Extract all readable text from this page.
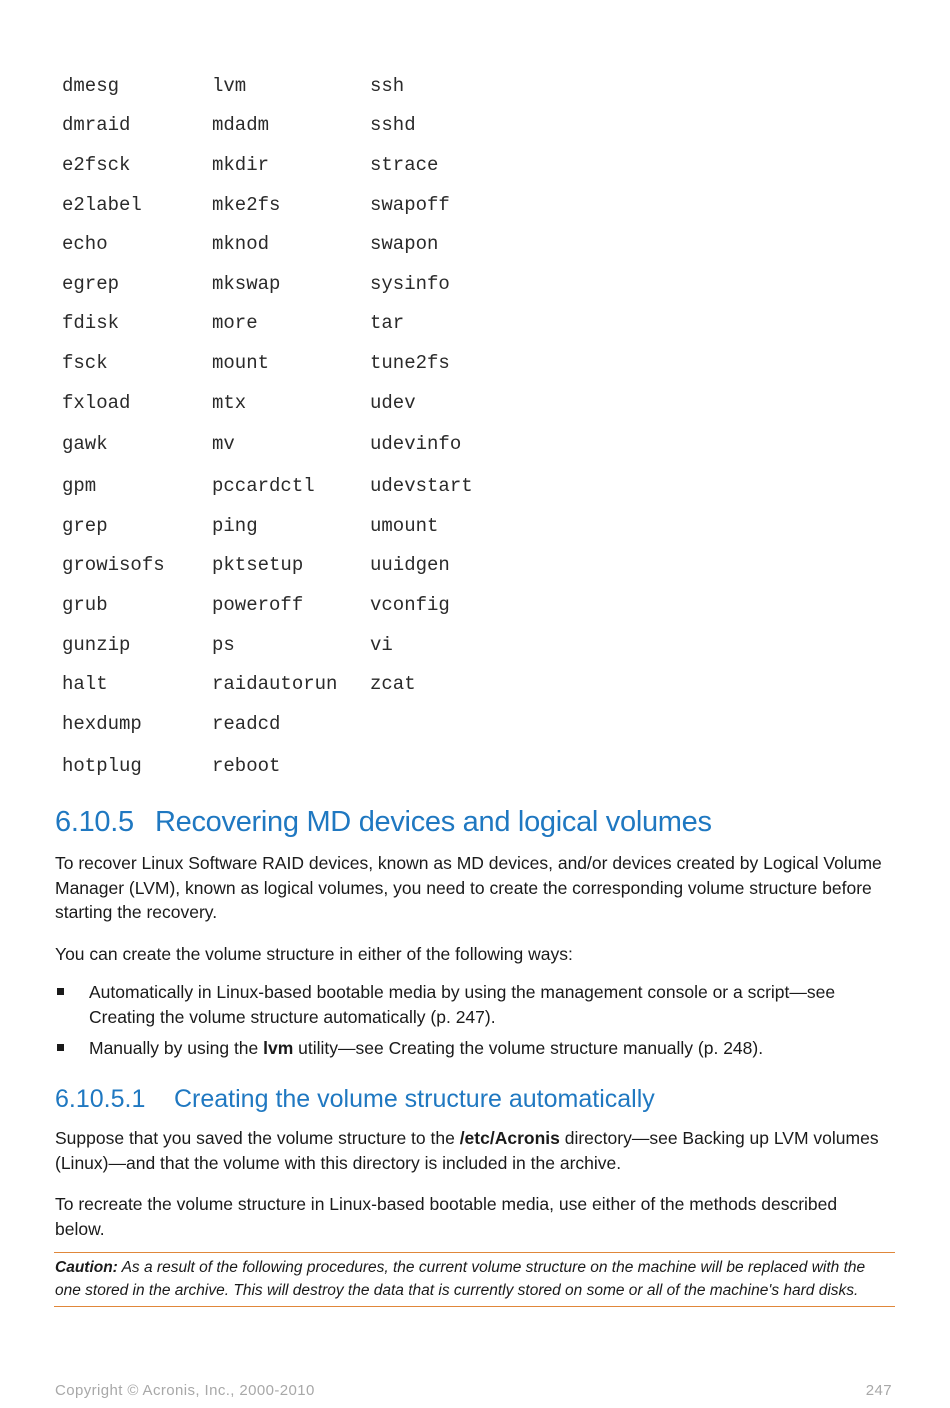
dmesg	lvm	ssh
dmraid	mdadm	sshd
e2fsck	mkdir	strace
e2label	mke2fs	swapoff
echo	mknod	swapon
egrep	mkswap	sysinfo
fdisk	more	tar
fsck	mount	tune2fs
fxload	mtx	udev
gawk	mv	udevinfo
gpm	pccardctl	udevstart
grep	ping	umount
growisofs	pktsetup	uuidgen
grub	poweroff	vconfig
gunzip	ps	vi
halt	raidautorun	zcat
hexdump	readcd
hotplug	reboot
6.10.5 Recovering MD devices and logical volumes

To recover Linux Software RAID devices, known as MD devices, and/or devices created by Logical Volume Manager (LVM), known as logical volumes, you need to create the corresponding volume structure before starting the recovery.

You can create the volume structure in either of the following ways:

Automatically in Linux-based bootable media by using the management console or a script—see Creating the volume structure automatically (p. 247).
Manually by using the lvm utility—see Creating the volume structure manually (p. 248).
6.10.5.1 Creating the volume structure automatically

Suppose that you saved the volume structure to the /etc/Acronis directory—see Backing up LVM volumes (Linux)—and that the volume with this directory is included in the archive.

To recreate the volume structure in Linux-based bootable media, use either of the methods described below.

Caution: As a result of the following procedures, the current volume structure on the machine will be replaced with the one stored in the archive. This will destroy the data that is currently stored on some or all of the machine's hard disks.
Copyright © Acronis, Inc., 2000-2010	247
